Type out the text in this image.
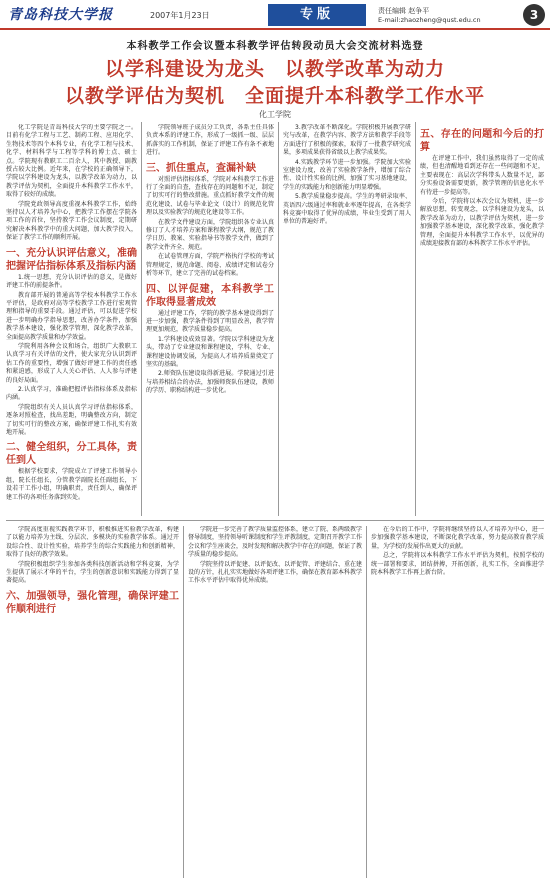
青岛科技大学报	2007年1月23日	专版	责任编辑 赵争平
E-mail:zhaozheng@qust.edu.cn	3
本科教学工作会议暨本科教学评估转段动员大会交流材料选登
以学科建设为龙头　以教学改革为动力
以教学评估为契机　全面提升本科教学工作水平
化工学院

化工学院是青岛科技大学的主要学院之一。目前有化学工程与工艺、制药工程、应用化学、生物技术等四个本科专业，有化学工程与技术、化学、材料科学与工程等学科的博士点、硕士点。学院现有教职工二百余人，其中教授、副教授占较大比例。近年来，在学校的正确领导下，学院以学科建设为龙头，以教学改革为动力，以教学评估为契机，全面提升本科教学工作水平，取得了较好的成绩。

学院党政领导高度重视本科教学工作，始终坚持以人才培养为中心，把教学工作摆在学院各项工作的首位，坚持教学工作会议制度，定期研究解决本科教学中的重大问题，加大教学投入，保证了教学工作的顺利开展。

一、充分认识评估意义，准确把握评估指标体系及指标内涵

1.统一思想，充分认识评估的意义，是做好评建工作的前提条件。

教育部开展的普通高等学校本科教学工作水平评估，是政府对高等学校教学工作进行宏观管理和指导的重要手段。通过评估，可以促进学校进一步明确办学指导思想，改善办学条件，加强教学基本建设，强化教学管理，深化教学改革，全面提高教学质量和办学效益。

学院利用各种会议和场合，组织广大教职工认真学习有关评估的文件，使大家充分认识到评估工作的重要性，增强了做好评建工作的责任感和紧迫感，形成了人人关心评估、人人参与评建的良好局面。

2.认真学习，准确把握评估指标体系及指标内涵。

学院组织有关人员认真学习评估指标体系，逐条对照检查，找出差距，明确整改方向，制定了切实可行的整改方案，确保评建工作扎实有效地开展。

二、健全组织，分工具体，责任到人

根据学校要求，学院成立了评建工作领导小组，院长任组长，分管教学副院长任副组长，下设若干工作小组，明确职责，责任到人，确保评建工作的各项任务落到实处。

学院领导班子成员分工负责，各系主任具体负责本系的评建工作，形成了一级抓一级、层层抓落实的工作机制，保证了评建工作有条不紊地进行。

三、抓住重点，查漏补缺

对照评估指标体系，学院对本科教学工作进行了全面的自查，查找存在的问题和不足，制定了切实可行的整改措施。重点抓好教学文件的规范化建设、试卷与毕业论文（设计）的规范化管理以及实验教学的规范化建设等工作。

在教学文件建设方面，学院组织各专业认真修订了人才培养方案和课程教学大纲，规范了教学日历、教案、实验指导书等教学文件，做到了教学文件齐全、规范。

在试卷管理方面，学院严格执行学校的考试管理规定，规范命题、阅卷、成绩评定和试卷分析等环节，建立了完善的试卷档案。

四、以评促建，本科教学工作取得显著成效

通过评建工作，学院的教学基本建设得到了进一步加强，教学条件得到了明显改善，教学管理更加规范，教学质量稳步提高。

1.学科建设成效显著。学院以学科建设为龙头，带动了专业建设和课程建设，学科、专业、课程建设协调发展，为提高人才培养质量奠定了坚实的基础。

2.师资队伍建设取得新进展。学院通过引进与培养相结合的办法，加强师资队伍建设，教师的学历、职称结构进一步优化。

3.教学改革不断深化。学院积极开展教学研究与改革，在教学内容、教学方法和教学手段等方面进行了积极的探索，取得了一批教学研究成果，多项成果获得省级以上教学成果奖。

4.实践教学环节进一步加强。学院加大实验室建设力度，改善了实验教学条件，增加了综合性、设计性实验的比例，加强了实习基地建设，学生的实践能力和创新能力明显增强。

5.教学质量稳步提高。学生的考研录取率、英语四六级通过率和就业率逐年提高，在各类学科竞赛中取得了优异的成绩，毕业生受到了用人单位的普遍好评。

五、存在的问题和今后的打算

在评建工作中，我们虽然取得了一定的成绩，但也清醒地看到还存在一些问题和不足，主要表现在：高层次学科带头人数量不足，部分实验设备需要更新，教学管理的信息化水平有待进一步提高等。

今后，学院将以本次会议为契机，进一步解放思想，转变观念，以学科建设为龙头，以教学改革为动力，以教学评估为契机，进一步加强教学基本建设，深化教学改革，强化教学管理，全面提升本科教学工作水平，以优异的成绩迎接教育部的本科教学工作水平评估。

学院高度重视实践教学环节，积极推进实验教学改革，构建了以能力培养为主线、分层次、多模块的实验教学体系。通过开设综合性、设计性实验，培养学生的综合实践能力和创新精神，取得了良好的教学效果。

学院积极组织学生参加各类科技创新活动和学科竞赛，为学生提供了展示才华的平台，学生的创新意识和实践能力得到了显著提高。

六、加强领导，强化管理，确保评建工作顺利进行

学院进一步完善了教学质量监控体系，建立了院、系两级教学督导制度，坚持领导听课制度和学生评教制度，定期召开教学工作会议和学生座谈会，及时发现和解决教学中存在的问题，保证了教学质量的稳步提高。

学院坚持以评促建、以评促改、以评促管、评建结合、重在建设的方针，扎扎实实地做好各项评建工作，确保在教育部本科教学工作水平评估中取得优异成绩。

在今后的工作中，学院将继续坚持以人才培养为中心，进一步加强教学基本建设，不断深化教学改革，努力提高教育教学质量，为学校的发展作出更大的贡献。

总之，学院将以本科教学工作水平评估为契机，按照学校的统一部署和要求，团结拼搏，开拓创新，扎实工作，全面推进学院本科教学工作再上新台阶。
